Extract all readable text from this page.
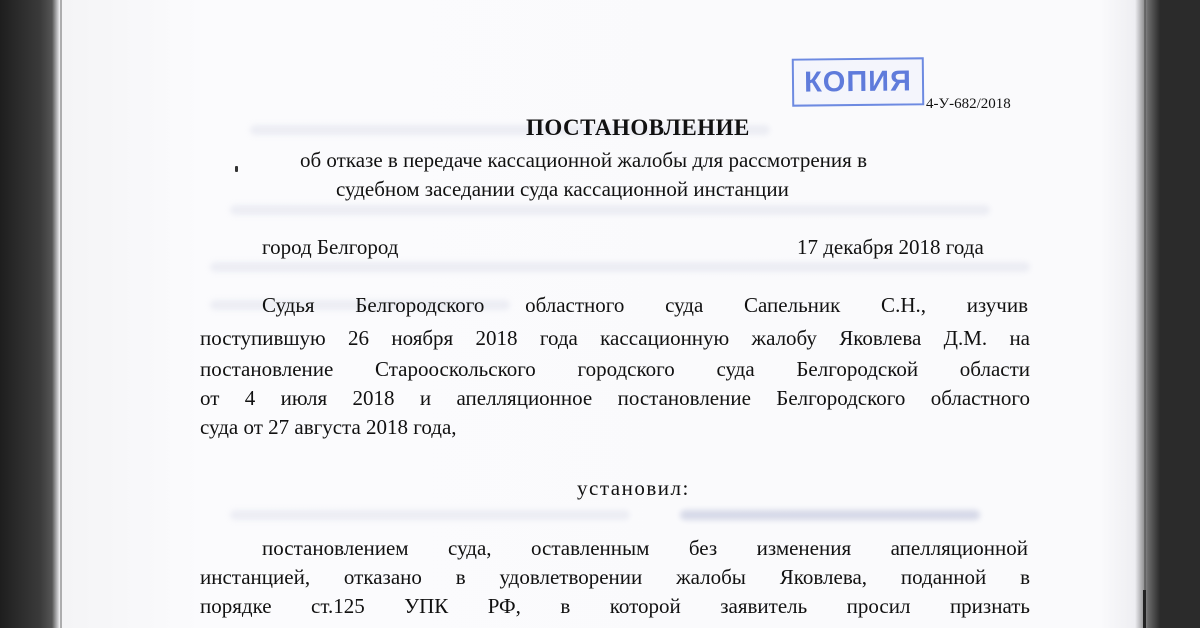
КОПИЯ
4-У-682/2018
ПОСТАНОВЛЕНИЕ
об отказе в передаче кассационной жалобы для рассмотрения в
судебном заседании суда кассационной инстанции
город Белгород	17 декабря 2018 года
Судья Белгородского областного суда Сапельник С.Н., изучив
поступившую 26 ноября 2018 года кассационную жалобу Яковлева Д.М. на
постановление Старооскольского городского суда Белгородской области
от 4 июля 2018 и апелляционное постановление Белгородского областного
суда от 27 августа 2018 года,
установил:
постановлением суда, оставленным без изменения апелляционной
инстанцией, отказано в удовлетворении жалобы Яковлева, поданной в
порядке ст.125 УПК РФ, в которой заявитель просил признать
